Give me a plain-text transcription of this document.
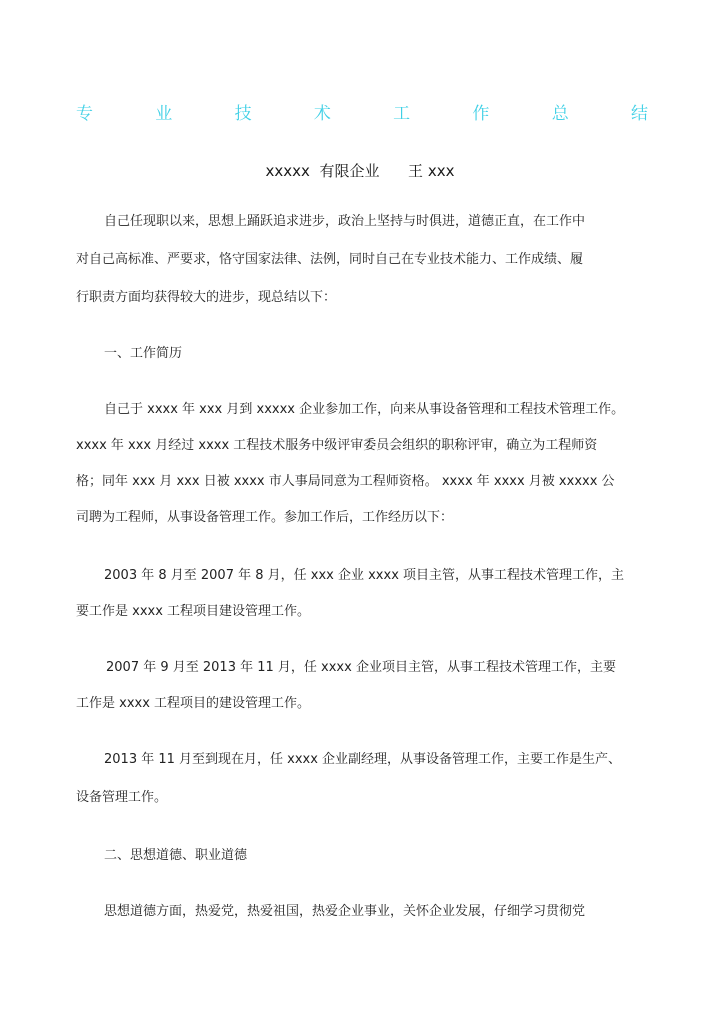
专	业	技	术	工	作	总	结
xxxxx  有限企业      王 xxx
自己任现职以来，思想上踊跃追求进步，政治上坚持与时俱进，道德正直，在工作中
对自己高标准、严要求，恪守国家法律、法例，同时自己在专业技术能力、工作成绩、履
行职责方面均获得较大的进步，现总结以下：
一、工作简历
自己于 xxxx 年 xxx 月到 xxxxx 企业参加工作，向来从事设备管理和工程技术管理工作。
xxxx 年 xxx 月经过 xxxx 工程技术服务中级评审委员会组织的职称评审，确立为工程师资
格；同年 xxx 月 xxx 日被 xxxx 市人事局同意为工程师资格。 xxxx 年 xxxx 月被 xxxxx 公
司聘为工程师，从事设备管理工作。参加工作后，工作经历以下：
2003 年 8 月至 2007 年 8 月，任 xxx 企业 xxxx 项目主管，从事工程技术管理工作，主
要工作是 xxxx 工程项目建设管理工作。
2007 年 9 月至 2013 年 11 月，任 xxxx 企业项目主管，从事工程技术管理工作，主要
工作是 xxxx 工程项目的建设管理工作。
2013 年 11 月至到现在月，任 xxxx 企业副经理，从事设备管理工作，主要工作是生产、
设备管理工作。
二、思想道德、职业道德
思想道德方面，热爱党，热爱祖国，热爱企业事业，关怀企业发展，仔细学习贯彻党
